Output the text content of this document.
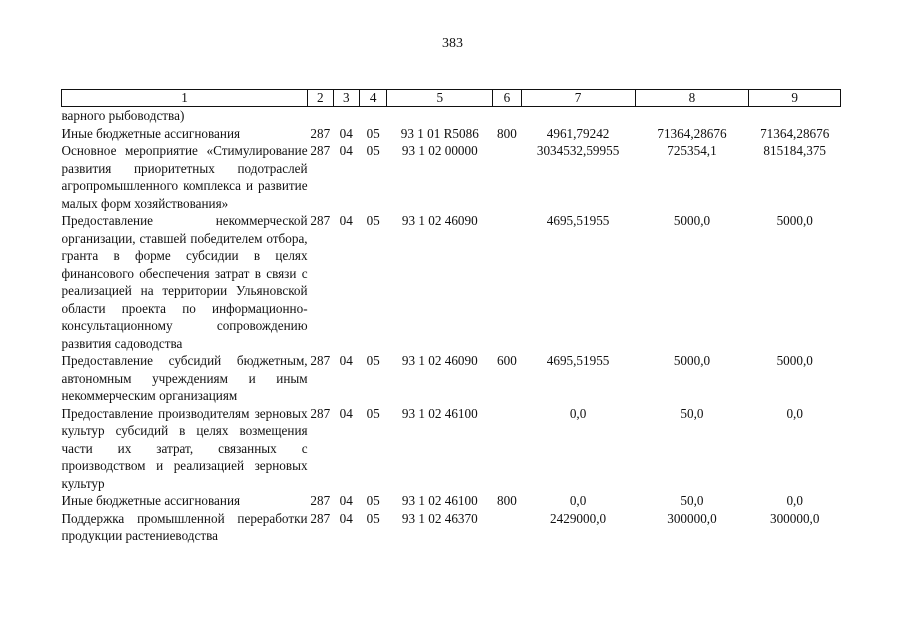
383
1	2	3	4	5	6	7	8	9
варного рыбоводства)								
Иные бюджетные ассигнования	287	04	05	93 1 01 R5086	800	4961,79242	71364,28676	71364,28676
Основное мероприятие «Стимулирование развития приоритетных подотраслей агропромышленного комплекса и развитие малых форм хозяйствования»	287	04	05	93 1 02 00000		3034532,59955	725354,1	815184,375
Предоставление некоммерческой организации, ставшей победителем отбора, гранта в форме субсидии в целях финансового обеспечения затрат в связи с реализацией на территории Ульяновской области проекта по информационно-консультационному сопровождению развития садоводства	287	04	05	93 1 02 46090		4695,51955	5000,0	5000,0
Предоставление субсидий бюджетным, автономным учреждениям и иным некоммерческим организациям	287	04	05	93 1 02 46090	600	4695,51955	5000,0	5000,0
Предоставление производителям зерновых культур субсидий в целях возмещения части их затрат, связанных с производством и реализацией зерновых культур	287	04	05	93 1 02 46100		0,0	50,0	0,0
Иные бюджетные ассигнования	287	04	05	93 1 02 46100	800	0,0	50,0	0,0
Поддержка промышленной переработки продукции растениеводства	287	04	05	93 1 02 46370		2429000,0	300000,0	300000,0
